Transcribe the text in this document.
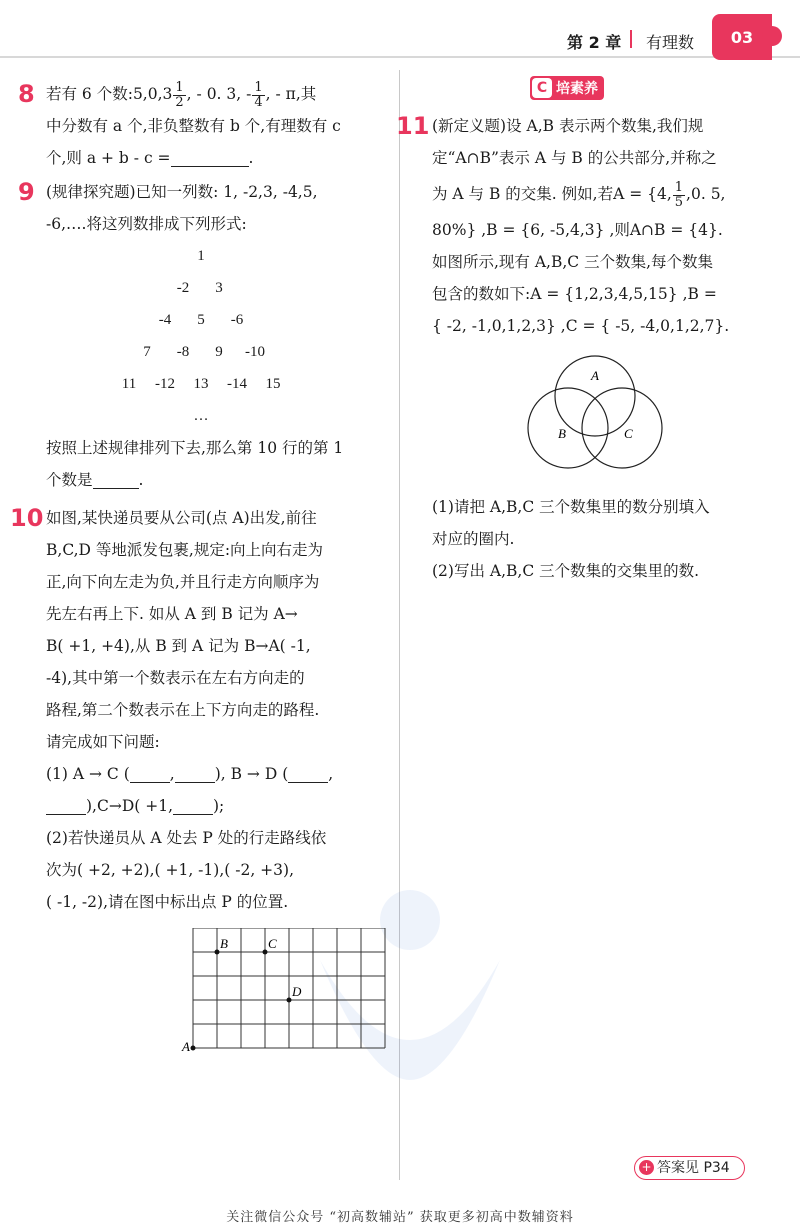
第 2 章 有理数	03
8 若有 6 个数:5,0,3 $\frac{1}{2}$ , - 0. 3, - $\frac{1}{4}$ , - π,其
中分数有 a 个,非负整数有 b 个,有理数有 c
个,则 a + b - c =	.
9 (规律探究题)已知一列数: 1, -2,3, -4,5,
-6,….将这列数排成下列形式:
1
-2 3
-4 5 -6
7 -8 9 -10
11 -12 13 -14 15
…
按照上述规律排列下去,那么第 10 行的第 1
个数是	.
10 如图,某快递员要从公司(点 A)出发,前往
B,C,D 等地派发包裹,规定:向上向右走为
正,向下向左走为负,并且行走方向顺序为
先左右再上下. 如从 A 到 B 记为 A→
B( +1, +4),从 B 到 A 记为 B→A( -1,
-4),其中第一个数表示在左右方向走的
路程,第二个数表示在上下方向走的路程.
请完成如下问题:
(1) A → C (	,	), B → D (	,
),C→D( +1,	);
(2)若快递员从 A 处去 P 处的行走路线依
次为( +2, +2),( +1, -1),( -2, +3),
( -1, -2),请在图中标出点 P 的位置.
A
B	C
D
C 培素养
11 (新定义题)设 A,B 表示两个数集,我们规
定“A∩B”表示 A 与 B 的公共部分,并称之
为 A 与 B 的交集. 例如,若A = {4, $\frac{1}{5} ,0$. 5,
80%} ,B = {6, -5,4,3} ,则A∩B = {4}.
如图所示,现有 A,B,C 三个数集,每个数集
包含的数如下:A = {1,2,3,4,5,15} ,B =
{ -2, -1,0,1,2,3} ,C = { -5, -4,0,1,2,7}.
A
B	C
(1)请把 A,B,C 三个数集里的数分别填入
对应的圈内.
(2)写出 A,B,C 三个数集的交集里的数.
+ 答案见 P34
关注微信公众号 “初高数辅站” 获取更多初高中数辅资料
